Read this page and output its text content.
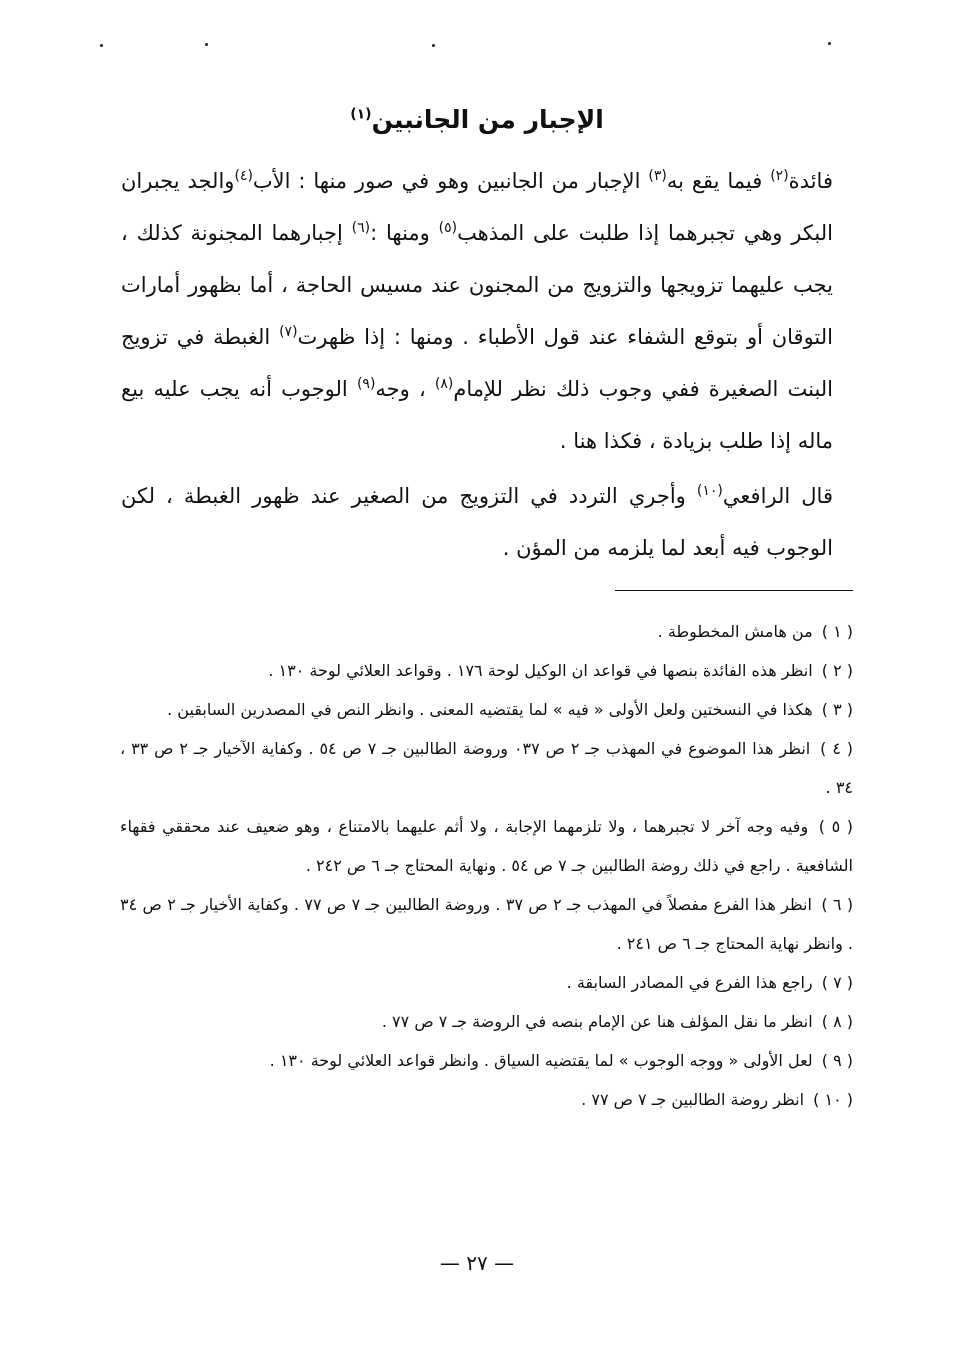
الإجبار من الجانبين$^{(١)}$
فائدة$^{(٢)}$ فيما يقع به$^{(٣)}$ الإجبار من الجانبين وهو في صور منها : الأب$^{(٤)}$والجد يجبران البكر وهي تجبرهما إذا طلبت على المذهب$^{(٥)}$ ومنها :$^{(٦)}$ إجبارهما المجنونة كذلك ، يجب عليهما تزويجها والتزويج من المجنون عند مسيس الحاجة ، أما بظهور أمارات التوقان أو بتوقع الشفاء عند قول الأطباء . ومنها : إذا ظهرت$^{(٧)}$ الغبطة في تزويج البنت الصغيرة ففي وجوب ذلك نظر للإمام$^{(٨)}$ ، وجه$^{(٩)}$ الوجوب أنه يجب عليه بيع ماله إذا طلب بزيادة ، فكذا هنا .
قال الرافعي$^{(١٠)}$ وأجري التردد في التزويج من الصغير عند ظهور الغبطة ، لكن الوجوب فيه أبعد لما يلزمه من المؤن .
( ١ ) من هامش المخطوطة .
( ٢ ) انظر هذه الفائدة بنصها في قواعد ان الوكيل لوحة ١٧٦ . وقواعد العلائي لوحة ١٣٠ .
( ٣ ) هكذا في النسختين ولعل الأولى « فيه » لما يقتضيه المعنى . وانظر النص في المصدرين السابقين .
( ٤ ) انظر هذا الموضوع في المهذب جـ ٢ ص ٠٣٧ وروضة الطالبين جـ ٧ ص ٥٤ . وكفاية الآخيار جـ ٢ ص ٣٣ ، ٣٤ .
( ٥ ) وفيه وجه آخر لا تجبرهما ، ولا تلزمهما الإجابة ، ولا أثم عليهما بالامتناع ، وهو ضعيف عند محققي فقهاء الشافعية . راجع في ذلك روضة الطالبين جـ ٧ ص ٥٤ . ونهاية المحتاج جـ ٦ ص ٢٤٢ .
( ٦ ) انظر هذا الفرع مفصلاً في المهذب جـ ٢ ص ٣٧ . وروضة الطالبين جـ ٧ ص ٧٧ . وكفاية الأخيار جـ ٢ ص ٣٤ . وانظر نهاية المحتاج جـ ٦ ص ٢٤١ .
( ٧ ) راجع هذا الفرع في المصادر السابقة .
( ٨ ) انظر ما نقل المؤلف هنا عن الإمام بنصه في الروضة جـ ٧ ص ٧٧ .
( ٩ ) لعل الأولى « ووجه الوجوب » لما يقتضيه السياق . وانظر قواعد العلائي لوحة ١٣٠ .
( ١٠ ) انظر روضة الطالبين جـ ٧ ص ٧٧ .
— ٢٧ —
